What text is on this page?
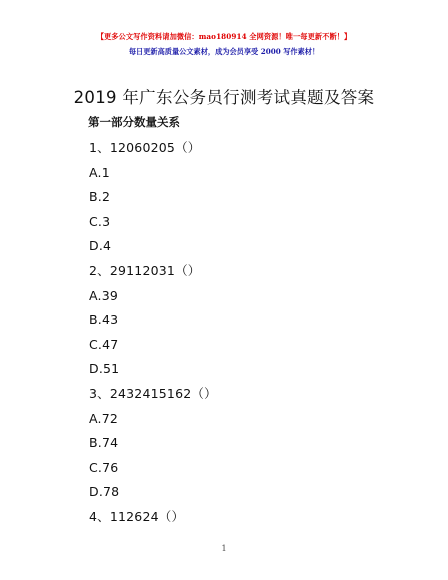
【更多公文写作资料请加微信：mao180914 全网资源！唯一每更新不断！】
每日更新高质量公文素材，成为会员享受 2000 写作素材！
2019 年广东公务员行测考试真题及答案
第一部分数量关系
1、12060205（）
A.1
B.2
C.3
D.4
2、29112031（）
A.39
B.43
C.47
D.51
3、2432415162（）
A.72
B.74
C.76
D.78
4、112624（）
1
